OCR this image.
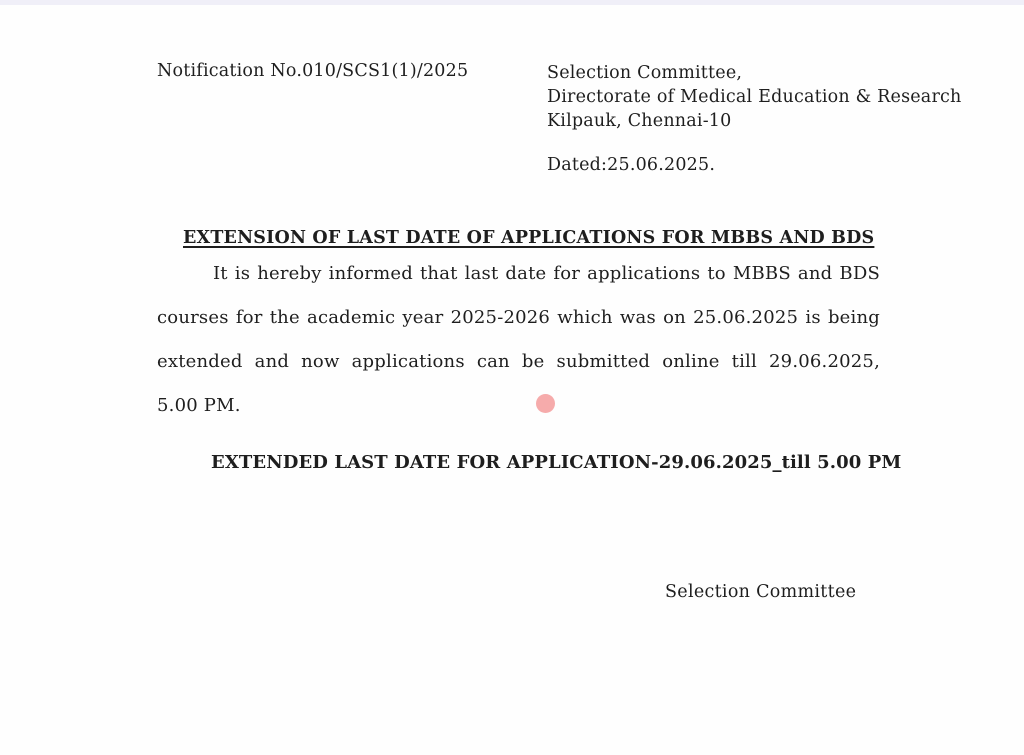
Notification No.010/SCS1(1)/2025	Selection Committee,
Directorate of Medical Education & Research
Kilpauk, Chennai-10
Dated:25.06.2025.
EXTENSION OF LAST DATE OF APPLICATIONS FOR MBBS AND BDS
It is hereby informed that last date for applications to MBBS and BDS
courses for the academic year 2025-2026 which was on 25.06.2025 is being
extended and now applications can be submitted online till 29.06.2025,
5.00 PM.
EXTENDED LAST DATE FOR APPLICATION-29.06.2025_till 5.00 PM
Selection Committee
